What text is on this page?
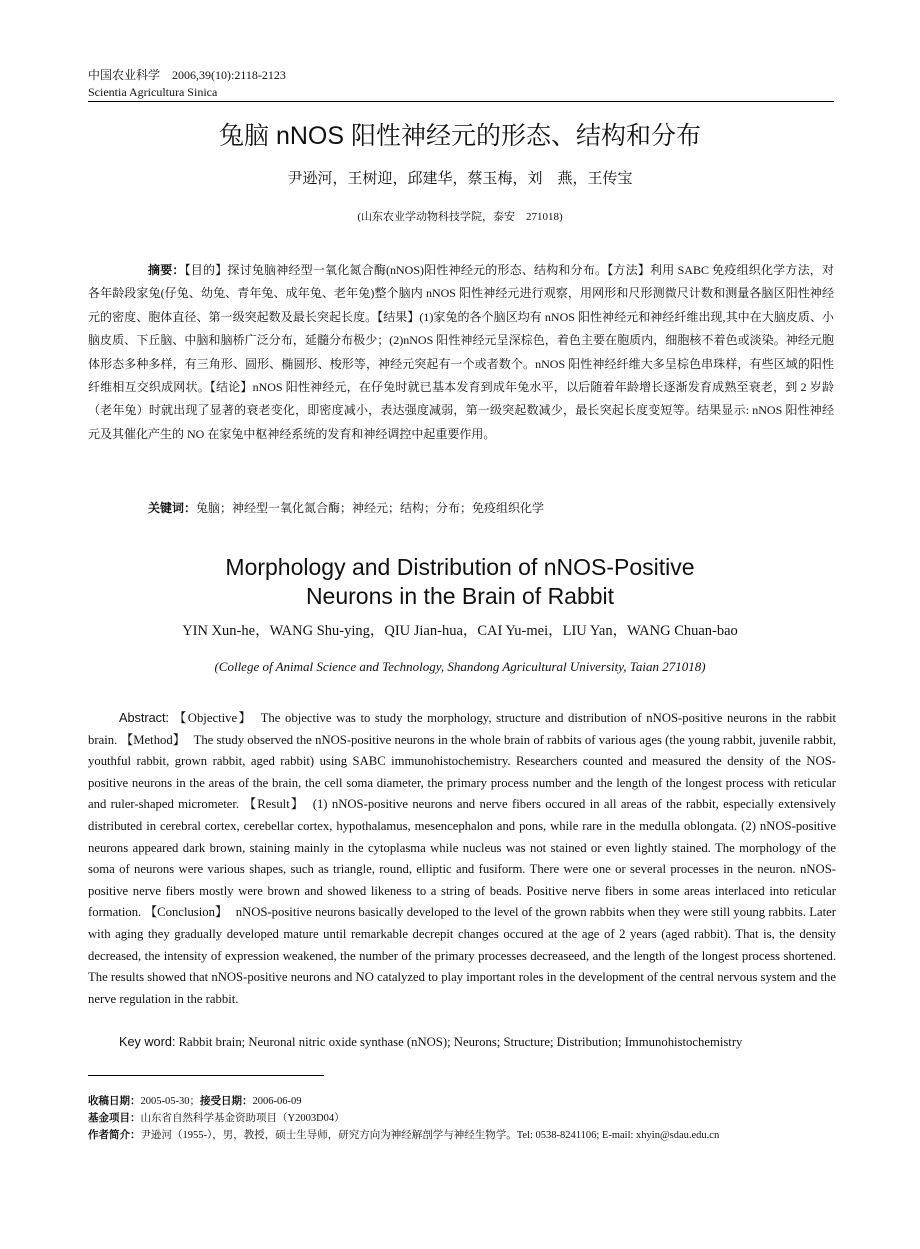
中国农业科学　2006,39(10):2118-2123
Scientia Agricultura Sinica
兔脑 nNOS 阳性神经元的形态、结构和分布
尹逊河，王树迎，邱建华，蔡玉梅，刘　燕，王传宝
(山东农业学动物科技学院，泰安　271018)

摘要：【目的】探讨兔脑神经型一氧化氮合酶(nNOS)阳性神经元的形态、结构和分布。【方法】利用 SABC 免疫组织化学方法，对各年龄段家兔(仔兔、幼兔、青年兔、成年兔、老年兔)整个脑内 nNOS 阳性神经元进行观察，用网形和尺形测微尺计数和测量各脑区阳性神经元的密度、胞体直径、第一级突起数及最长突起长度。【结果】(1)家兔的各个脑区均有 nNOS 阳性神经元和神经纤维出现,其中在大脑皮质、小脑皮质、下丘脑、中脑和脑桥广泛分布，延髓分布极少；(2)nNOS 阳性神经元呈深棕色，着色主要在胞质内，细胞核不着色或淡染。神经元胞体形态多种多样，有三角形、圆形、椭圆形、梭形等，神经元突起有一个或者数个。nNOS 阳性神经纤维大多呈棕色串珠样，有些区域的阳性纤维相互交织成网状。【结论】nNOS 阳性神经元，在仔兔时就已基本发育到成年兔水平，以后随着年龄增长逐渐发育成熟至衰老，到 2 岁龄（老年兔）时就出现了显著的衰老变化，即密度减小，表达强度减弱，第一级突起数减少，最长突起长度变短等。结果显示: nNOS 阳性神经元及其催化产生的 NO 在家兔中枢神经系统的发育和神经调控中起重要作用。

关键词：兔脑；神经型一氧化氮合酶；神经元；结构；分布；免疫组织化学
Morphology and Distribution of nNOS-Positive
Neurons in the Brain of Rabbit
YIN Xun-he，WANG Shu-ying，QIU Jian-hua，CAI Yu-mei，LIU Yan，WANG Chuan-bao
(College of Animal Science and Technology, Shandong Agricultural University, Taian 271018)

Abstract: 【Objective】 The objective was to study the morphology, structure and distribution of nNOS-positive neurons in the rabbit brain. 【Method】 The study observed the nNOS-positive neurons in the whole brain of rabbits of various ages (the young rabbit, juvenile rabbit, youthful rabbit, grown rabbit, aged rabbit) using SABC immunohistochemistry. Researchers counted and measured the density of the NOS-positive neurons in the areas of the brain, the cell soma diameter, the primary process number and the length of the longest process with reticular and ruler-shaped micrometer. 【Result】 (1) nNOS-positive neurons and nerve fibers occured in all areas of the rabbit, especially extensively distributed in cerebral cortex, cerebellar cortex, hypothalamus, mesencephalon and pons, while rare in the medulla oblongata. (2) nNOS-positive neurons appeared dark brown, staining mainly in the cytoplasma while nucleus was not stained or even lightly stained. The morphology of the soma of neurons were various shapes, such as triangle, round, elliptic and fusiform. There were one or several processes in the neuron. nNOS-positive nerve fibers mostly were brown and showed likeness to a string of beads. Positive nerve fibers in some areas interlaced into reticular formation. 【Conclusion】 nNOS-positive neurons basically developed to the level of the grown rabbits when they were still young rabbits. Later with aging they gradually developed mature until remarkable decrepit changes occured at the age of 2 years (aged rabbit). That is, the density decreased, the intensity of expression weakened, the number of the primary processes decreaseed, and the length of the longest process shortened. The results showed that nNOS-positive neurons and NO catalyzed to play important roles in the development of the central nervous system and the nerve regulation in the rabbit.

Key word: Rabbit brain; Neuronal nitric oxide synthase (nNOS); Neurons; Structure; Distribution; Immunohistochemistry
收稿日期：2005-05-30；接受日期：2006-06-09
基金项目：山东省自然科学基金资助项目（Y2003D04）
作者简介：尹逊河（1955-），男，教授，硕士生导师，研究方向为神经解剖学与神经生物学。Tel: 0538-8241106; E-mail: xhyin@sdau.edu.cn
